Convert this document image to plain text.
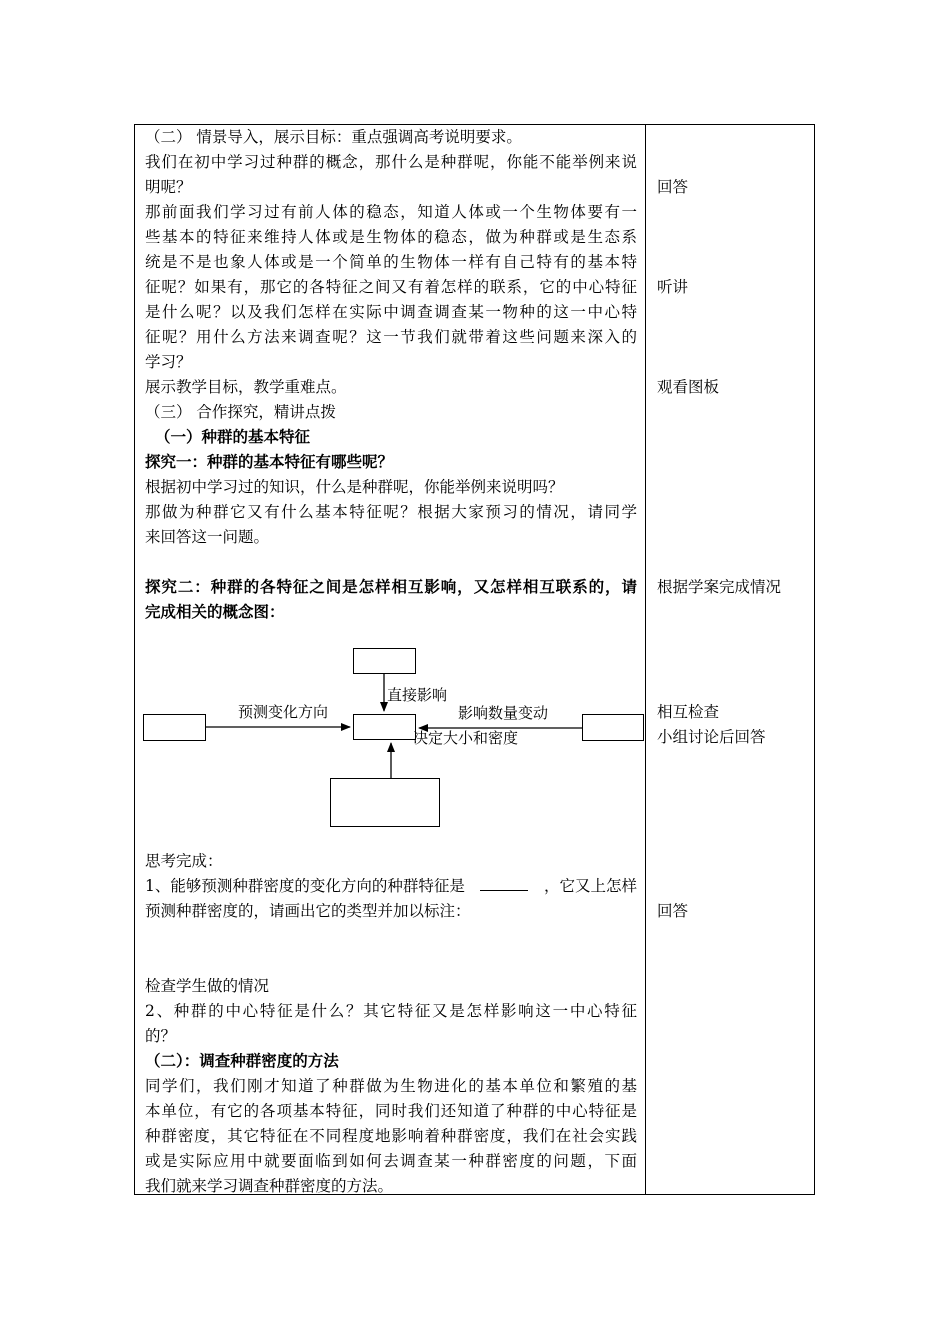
（二） 情景导入，展示目标：重点强调高考说明要求。
我们在初中学习过种群的概念，那什么是种群呢，你能不能举例来说
明呢？
那前面我们学习过有前人体的稳态，知道人体或一个生物体要有一
些基本的特征来维持人体或是生物体的稳态，做为种群或是生态系
统是不是也象人体或是一个简单的生物体一样有自己特有的基本特
征呢？如果有，那它的各特征之间又有着怎样的联系，它的中心特征
是什么呢？以及我们怎样在实际中调查调查某一物种的这一中心特
征呢？用什么方法来调查呢？这一节我们就带着这些问题来深入的
学习？
展示教学目标，教学重难点。
（三） 合作探究，精讲点拨
（一）种群的基本特征
探究一：种群的基本特征有哪些呢？
根据初中学习过的知识，什么是种群呢，你能举例来说明吗？
那做为种群它又有什么基本特征呢？根据大家预习的情况，请同学
来回答这一问题。
探究二：种群的各特征之间是怎样相互影响，又怎样相互联系的，请
完成相关的概念图：
预测变化方向
直接影响
影响数量变动
决定大小和密度
思考完成：
1、能够预测种群密度的变化方向的种群特征是	，它又上怎样
预测种群密度的，请画出它的类型并加以标注：
检查学生做的情况
2、种群的中心特征是什么？其它特征又是怎样影响这一中心特征
的？
（二）：调查种群密度的方法
同学们，我们刚才知道了种群做为生物进化的基本单位和繁殖的基
本单位，有它的各项基本特征，同时我们还知道了种群的中心特征是
种群密度，其它特征在不同程度地影响着种群密度，我们在社会实践
或是实际应用中就要面临到如何去调查某一种群密度的问题，下面
我们就来学习调查种群密度的方法。
回答
听讲
观看图板
根据学案完成情况
相互检查
小组讨论后回答
回答
